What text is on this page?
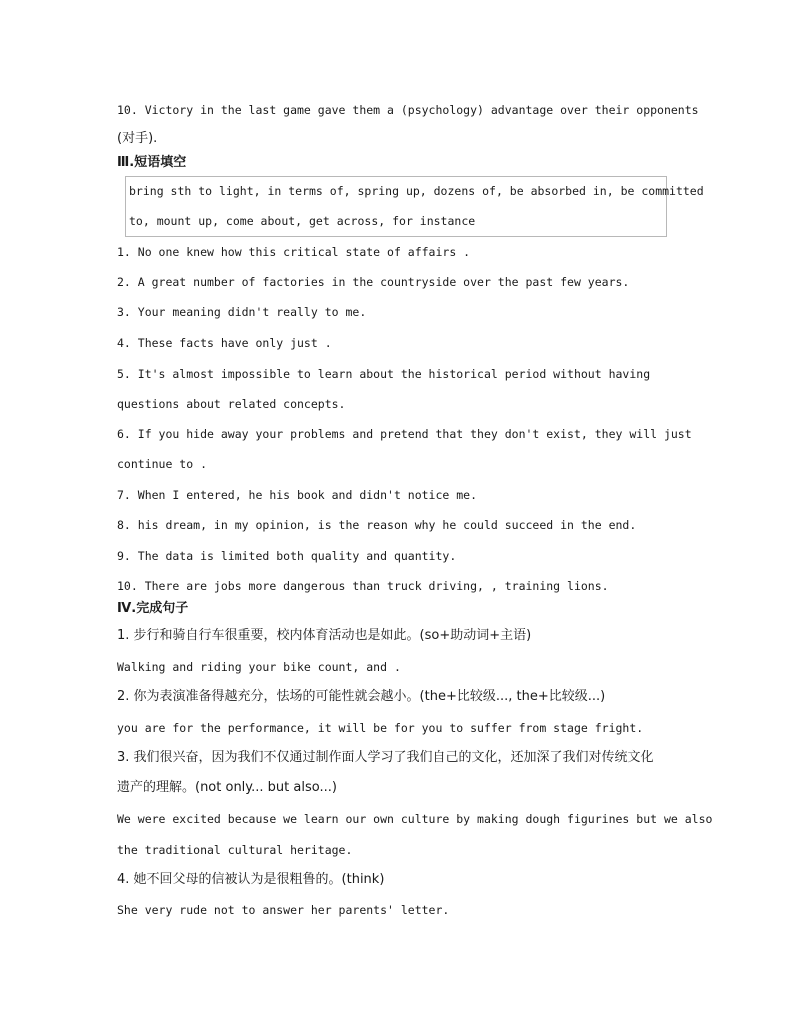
10. Victory in the last game gave them a (psychology) advantage over their opponents
(对手).
Ⅲ.短语填空
bring sth to light, in terms of, spring up, dozens of, be absorbed in, be committed
to, mount up, come about, get across, for instance
1. No one knew how this critical state of affairs .
2. A great number of factories in the countryside over the past few years.
3. Your meaning didn't really to me.
4. These facts have only just .
5. It's almost impossible to learn about the historical period without having
questions about related concepts.
6. If you hide away your problems and pretend that they don't exist, they will just
continue to .
7. When I entered, he his book and didn't notice me.
8. his dream, in my opinion, is the reason why he could succeed in the end.
9. The data is limited both quality and quantity.
10. There are jobs more dangerous than truck driving, , training lions.
Ⅳ.完成句子
1. 步行和骑自行车很重要，校内体育活动也是如此。(so+助动词+主语)
Walking and riding your bike count, and .
2. 你为表演准备得越充分，怯场的可能性就会越小。(the+比较级..., the+比较级...)
you are for the performance, it will be for you to suffer from stage fright.
3. 我们很兴奋，因为我们不仅通过制作面人学习了我们自己的文化，还加深了我们对传统文化
遗产的理解。(not only... but also...)
We were excited because we learn our own culture by making dough figurines but we also
the traditional cultural heritage.
4. 她不回父母的信被认为是很粗鲁的。(think)
She very rude not to answer her parents' letter.
